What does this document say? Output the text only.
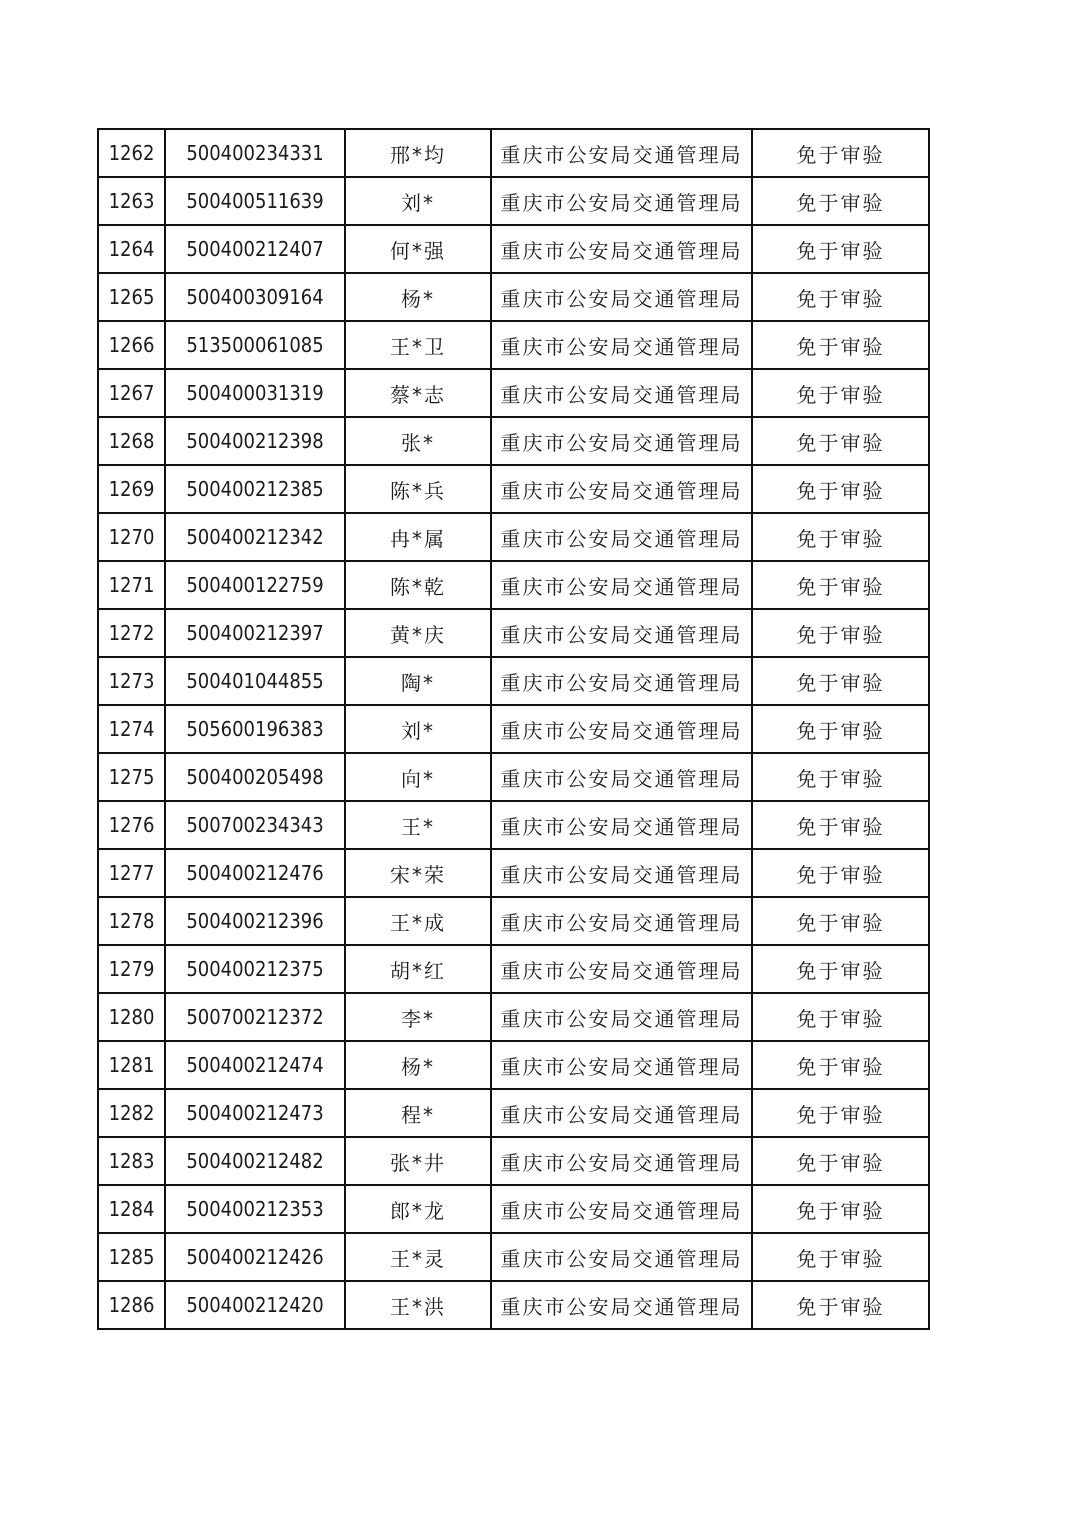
1262	500400234331	邢*均	重庆市公安局交通管理局	免于审验
1263	500400511639	刘*	重庆市公安局交通管理局	免于审验
1264	500400212407	何*强	重庆市公安局交通管理局	免于审验
1265	500400309164	杨*	重庆市公安局交通管理局	免于审验
1266	513500061085	王*卫	重庆市公安局交通管理局	免于审验
1267	500400031319	蔡*志	重庆市公安局交通管理局	免于审验
1268	500400212398	张*	重庆市公安局交通管理局	免于审验
1269	500400212385	陈*兵	重庆市公安局交通管理局	免于审验
1270	500400212342	冉*属	重庆市公安局交通管理局	免于审验
1271	500400122759	陈*乾	重庆市公安局交通管理局	免于审验
1272	500400212397	黄*庆	重庆市公安局交通管理局	免于审验
1273	500401044855	陶*	重庆市公安局交通管理局	免于审验
1274	505600196383	刘*	重庆市公安局交通管理局	免于审验
1275	500400205498	向*	重庆市公安局交通管理局	免于审验
1276	500700234343	王*	重庆市公安局交通管理局	免于审验
1277	500400212476	宋*荣	重庆市公安局交通管理局	免于审验
1278	500400212396	王*成	重庆市公安局交通管理局	免于审验
1279	500400212375	胡*红	重庆市公安局交通管理局	免于审验
1280	500700212372	李*	重庆市公安局交通管理局	免于审验
1281	500400212474	杨*	重庆市公安局交通管理局	免于审验
1282	500400212473	程*	重庆市公安局交通管理局	免于审验
1283	500400212482	张*井	重庆市公安局交通管理局	免于审验
1284	500400212353	郎*龙	重庆市公安局交通管理局	免于审验
1285	500400212426	王*灵	重庆市公安局交通管理局	免于审验
1286	500400212420	王*洪	重庆市公安局交通管理局	免于审验
